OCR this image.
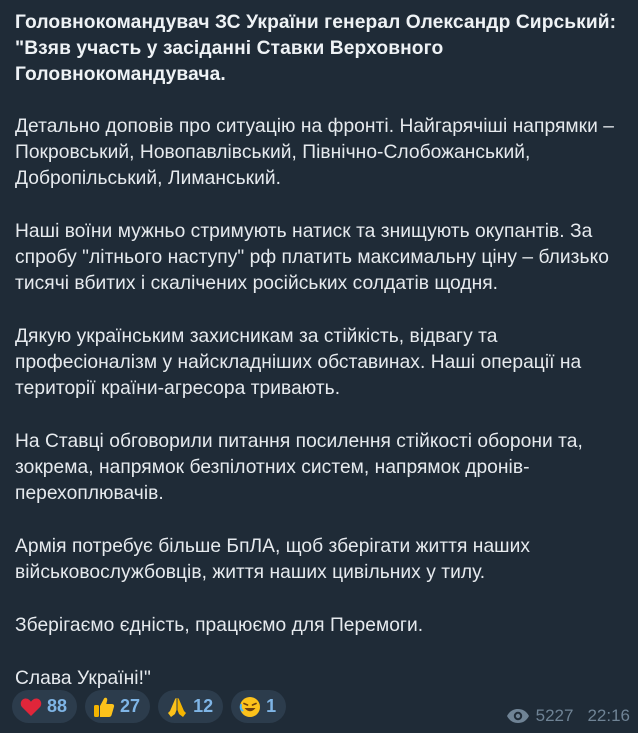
Головнокомандувач ЗС України генерал Олександр Сирський: "Взяв участь у засіданні Ставки Верховного Головнокомандувача.
Детально доповів про ситуацію на фронті. Найгарячіші напрямки – Покровський, Новопавлівський, Північно-Слобожанський, Добропільський, Лиманський.
Наші воїни мужньо стримують натиск та знищують окупантів. За спробу "літнього наступу" рф платить максимальну ціну – близько тисячі вбитих і скалічених російських солдатів щодня.
Дякую українським захисникам за стійкість, відвагу та професіоналізм у найскладніших обставинах. Наші операції на території країни-агресора тривають.
На Ставці обговорили питання посилення стійкості оборони та, зокрема, напрямок безпілотних систем, напрямок дронів-перехоплювачів.
Армія потребує більше БпЛА, щоб зберігати життя наших військовослужбовців, життя наших цивільних у тилу.
Зберігаємо єдність, працюємо для Перемоги.
Слава Україні!"
88	27	12	1	5227 22:16
